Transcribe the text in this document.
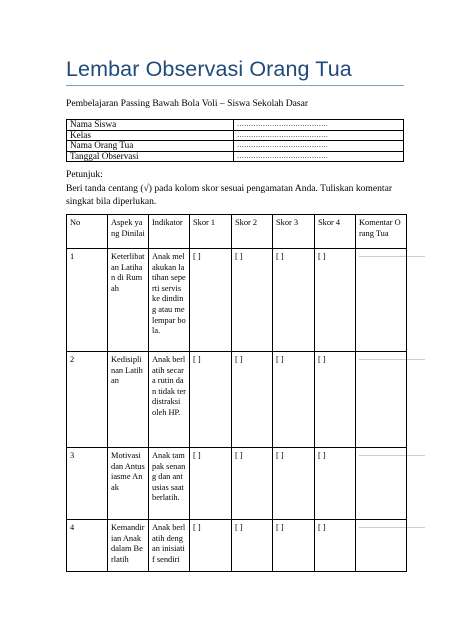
Lembar Observasi Orang Tua
Pembelajaran Passing Bawah Bola Voli – Siswa Sekolah Dasar
Nama Siswa	…………………………………
Kelas	…………………………………
Nama Orang Tua	…………………………………
Tanggal Observasi	…………………………………
Petunjuk:
Beri tanda centang (√) pada kolom skor sesuai pengamatan Anda. Tuliskan komentar singkat bila diperlukan.
No	Aspek yang Dinilai	Indikator	Skor 1	Skor 2	Skor 3	Skor 4	Komentar Orang Tua
1	Keterlibatan Latihan di Rumah	Anak melakukan latihan seperti servis ke dinding atau melempar bola.	[ ]	[ ]	[ ]	[ ]	……………………………
2	Kedisiplinan Latihan	Anak berlatih secara rutin dan tidak terdistraksi oleh HP.	[ ]	[ ]	[ ]	[ ]	……………………………
3	Motivasi dan Antusiasme Anak	Anak tampak senang dan antusias saat berlatih.	[ ]	[ ]	[ ]	[ ]	……………………………
4	Kemandirian Anak dalam Berlatih	Anak berlatih dengan inisiatif sendiri	[ ]	[ ]	[ ]	[ ]	……………………………
